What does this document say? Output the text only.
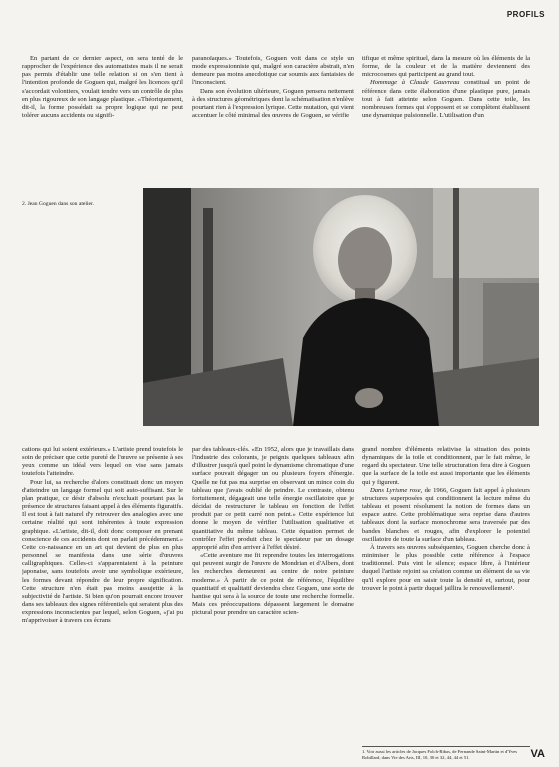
PROFILS

En partant de ce dernier aspect, on sera tenté de le rapprocher de l'expérience des automatistes mais il ne serait pas permis d'établir une telle relation si on s'en tient à l'intention profonde de Goguen qui, malgré les licences qu'il s'accordait volontiers, voulait tendre vers un contrôle de plus en plus rigoureux de son langage plastique. «Théoriquement, dit-il, la forme possédait sa propre logique qui ne peut tolérer aucuns accidents ou signifi-

paranoïaques.» Toutefois, Goguen voit dans ce style un mode expressionniste qui, malgré son caractère abstrait, n'en demeure pas moins anecdotique car soumis aux fantaisies de l'inconscient.

Dans son évolution ultérieure, Goguen pensera nettement à des structures géométriques dont la schématisation n'enlève pourtant rien à l'expression lyrique. Cette mutation, qui vient accentuer le côté minimal des œuvres de Goguen, se vérifie

tifique et même spirituel, dans la mesure où les éléments de la forme, de la couleur et de la matière deviennent des microcosmes qui participent au grand tout.

Hommage à Claude Gauvreau constitual un point de référence dans cette élaboration d'une plastique pure, jamais tout à fait atteinte selon Goguen. Dans cette toile, les nombreuses formes qui s'opposent et se complètent établissent une dynamique pulsionnelle. L'utilisation d'un

2. Jean Goguen dans son atelier.

cations qui lui soient extérieurs.» L'artiste prend toutefois le soin de préciser que cette pureté de l'œuvre se présente à ses yeux comme un idéal vers lequel on vise sans jamais toutefois l'atteindre.

Pour lui, sa recherche d'alors constituait donc un moyen d'atteindre un langage formel qui soit auto-suffisant. Sur le plan pratique, ce désir d'absolu n'excluait pourtant pas la présence de structures faisant appel à des éléments figuratifs. Il est tout à fait naturel d'y retrouver des analogies avec une certaine réalité qui sont inhérentes à toute expression graphique. «L'artiste, dit-il, doit donc composer en prenant conscience de ces accidents dont on parlait précédemment.» Cette co-naissance en un art qui devient de plus en plus personnel se manifesta dans une série d'œuvres calligraphiques. Celles-ci s'apparentaient à la peinture japonaise, sans toutefois avoir une symbolique extérieure, les formes devant répondre de leur propre signification. Cette structure n'en était pas moins assujettie à la subjectivité de l'artiste. Si bien qu'on pourrait encore trouver dans ses tableaux des signes référentiels qui seraient plus des expressions inconscientes par lequel, selon Goguen, «j'ai pu m'apprivoiser à travers ces écrans

par des tableaux-clés. «En 1952, alors que je travaillais dans l'industrie des colorants, je peignis quelques tableaux afin d'illustrer jusqu'à quel point le dynamisme chromatique d'une surface pouvait dégager un ou plusieurs foyers d'énergie. Quelle ne fut pas ma surprise en observant un mince coin du tableau que j'avais oublié de peindre. Le contraste, obtenu fortuitement, dégageait une telle énergie oscillatoire que je décidai de restructurer le tableau en fonction de l'effet produit par ce petit carré non peint.» Cette expérience lui donne le moyen de vérifier l'utilisation qualitative et quantitative du même tableau. Cette équation permet de contrôler l'effet produit chez le spectateur par un dosage approprié afin d'en arriver à l'effet désiré.

«Cette aventure me fit reprendre toutes les interrogations qui peuvent surgir de l'œuvre de Mondrian et d'Albers, dont les recherches demeurent au centre de notre peinture moderne.» À partir de ce point de référence, l'équilibre quantitatif et qualitatif deviendra chez Goguen, une sorte de hantise qui sera à la source de toute une recherche formelle. Mais ces préoccupations dépassent largement le domaine pictural pour prendre un caractère scien-

grand nombre d'éléments relativise la situation des points dynamiques de la toile et conditionnent, par le fait même, le regard du spectateur. Une telle structuration fera dire à Goguen que la surface de la toile est aussi importante que les éléments qui y figurent.

Dans Lyrisme rose, de 1966, Goguen fait appel à plusieurs structures superposées qui conditionnent la lecture même du tableau et posent résolument la notion de formes dans un espace autre. Cette problématique sera reprise dans d'autres tableaux dont la surface monochrome sera traversée par des bandes blanches et rouges, afin d'explorer le potentiel oscillatoire de toute la surface d'un tableau.

À travers ses œuvres subséquentes, Goguen cherche donc à minimiser le plus possible cette référence à l'espace traditionnel. Puis vint le silence; espace libre, à l'intérieur duquel l'artiste rejoint sa création comme un élément de sa vie qu'il explore pour en saisir toute la densité et, surtout, pour trouver le point à partir duquel jaillira le renouvellement¹.

1. Voir aussi les articles de Jacques Folch-Ribas, de Fernande Saint-Martin et d'Yves Robillard, dans Vie des Arts, III, 10, 30 et 32, 44, 44 et 51.	VA
